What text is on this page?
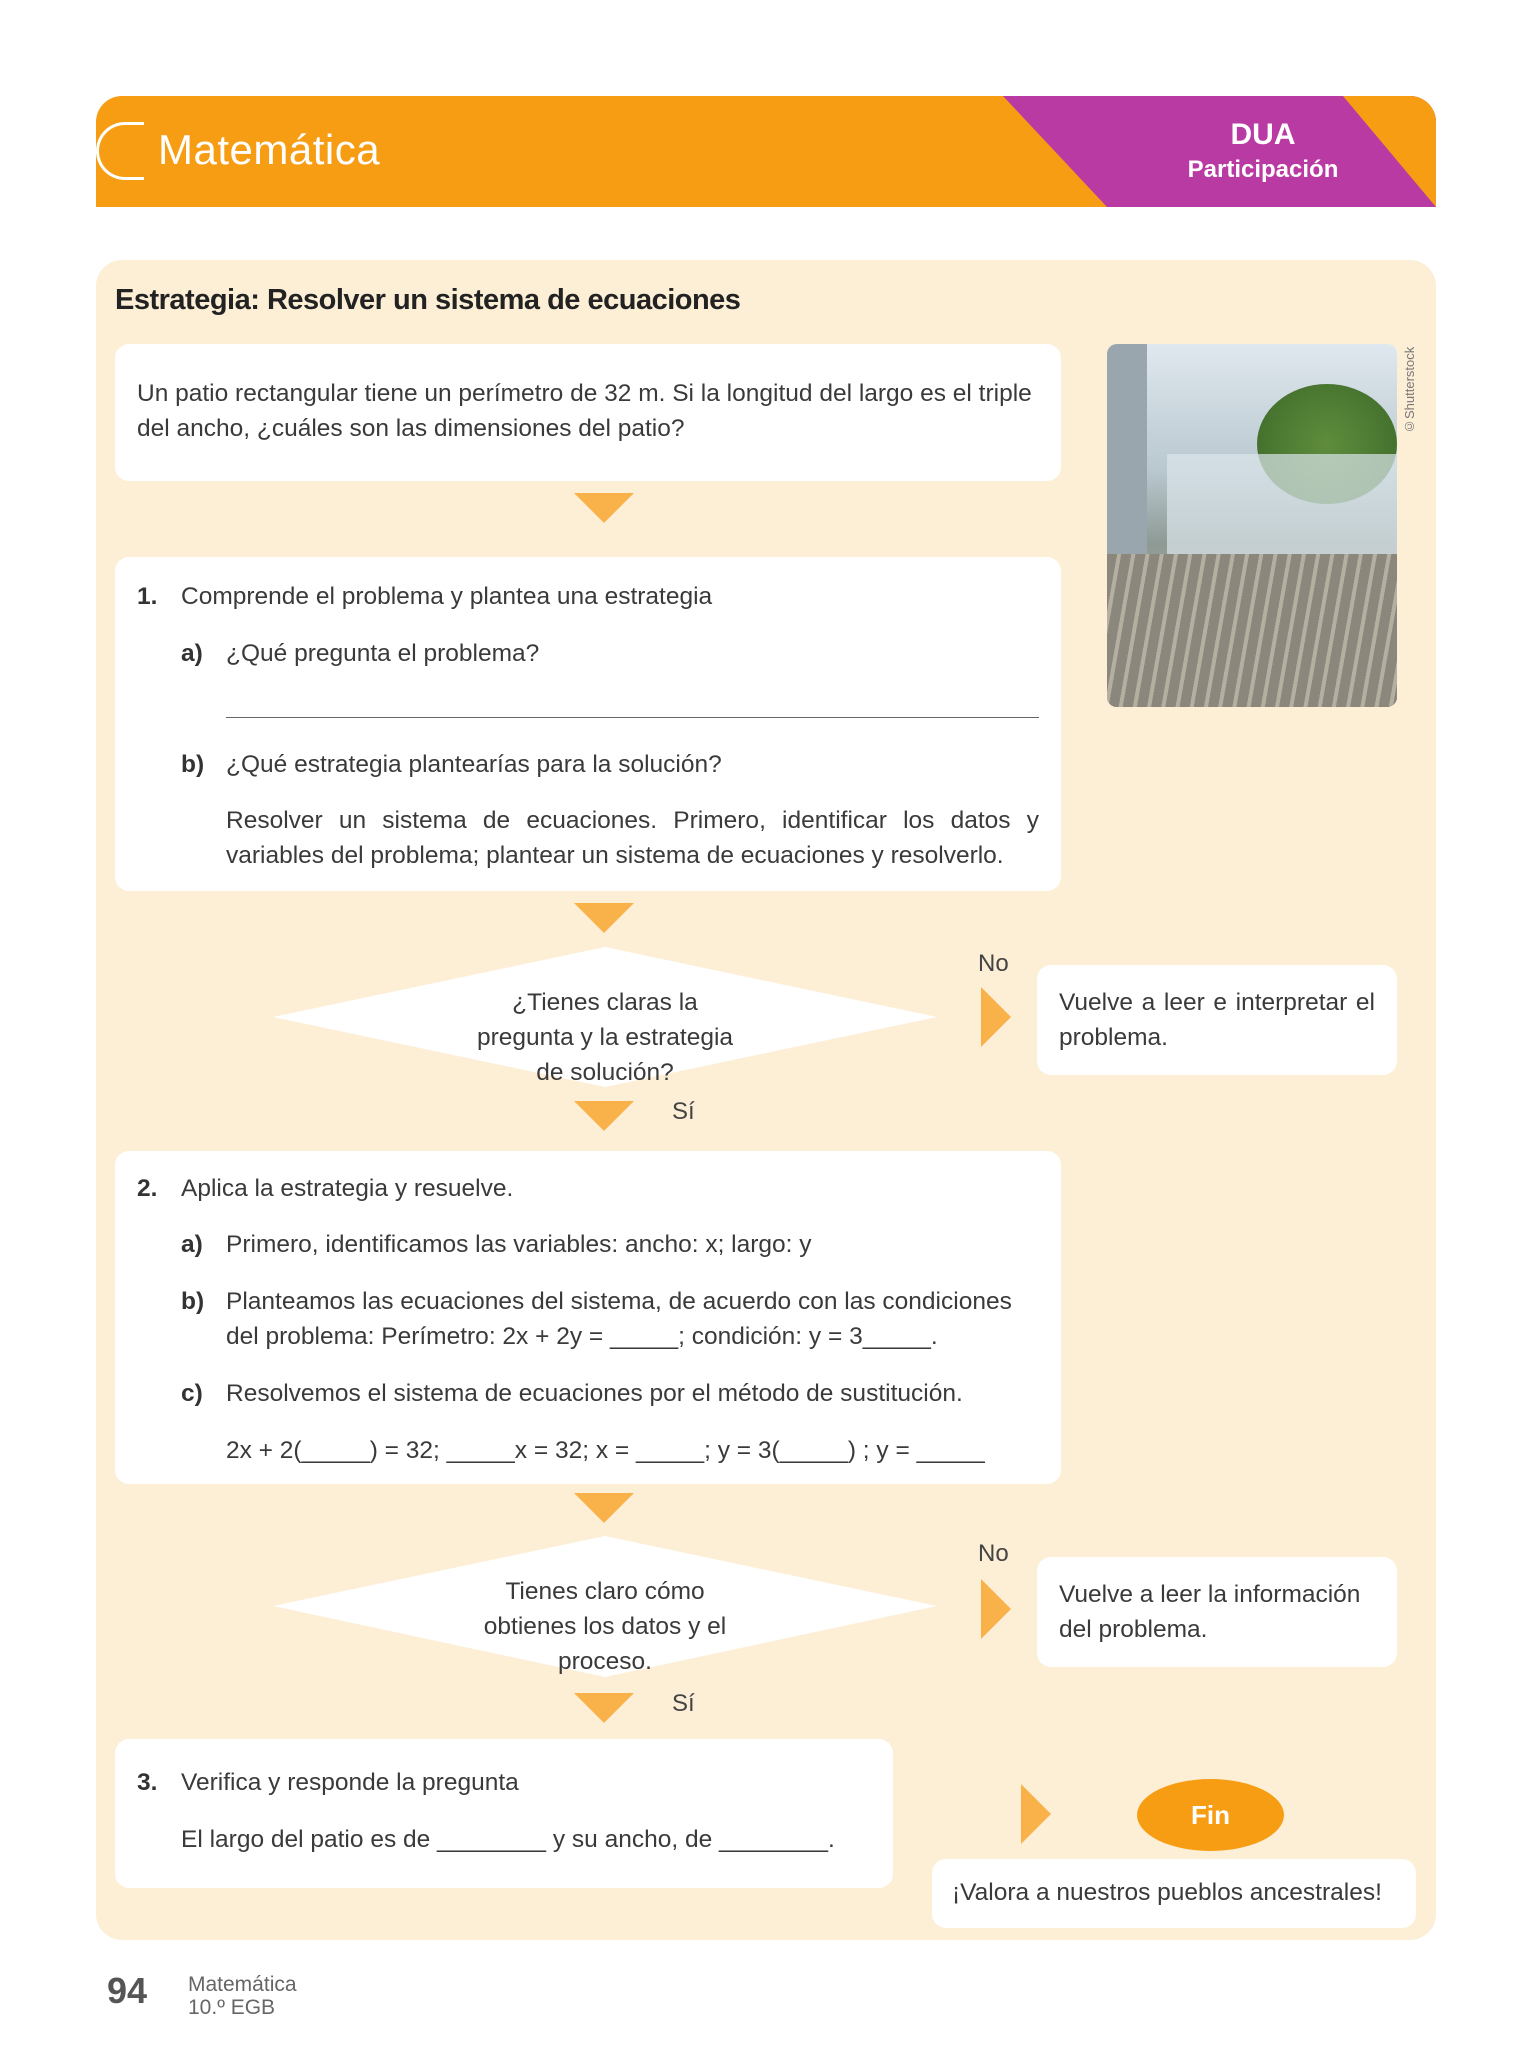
Matemática	DUA
Participación
Estrategia: Resolver un sistema de ecuaciones
Un patio rectangular tiene un perímetro de 32 m. Si la longitud del largo es el triple del ancho, ¿cuáles son las dimensiones del patio?	©Shutterstock
1. Comprende el problema y plantea una estrategia
a) ¿Qué pregunta el problema?
b) ¿Qué estrategia plantearías para la solución?
Resolver un sistema de ecuaciones. Primero, identificar los datos y variables del problema; plantear un sistema de ecuaciones y resolverlo.
¿Tienes claras la pregunta y la estrategia de solución?
No
Vuelve a leer e interpretar el problema.
Sí
2. Aplica la estrategia y resuelve.
a) Primero, identificamos las variables: ancho: x; largo: y
b) Planteamos las ecuaciones del sistema, de acuerdo con las condiciones
del problema: Perímetro: 2x + 2y = _____; condición: y = 3_____.
c) Resolvemos el sistema de ecuaciones por el método de sustitución.
2x + 2(_____) = 32; _____x = 32; x = _____; y = 3(_____) ; y = _____
Tienes claro cómo obtienes los datos y el proceso.
No
Vuelve a leer la información del problema.
Sí
3. Verifica y responde la pregunta
El largo del patio es de ________ y su ancho, de ________.
Fin
¡Valora a nuestros pueblos ancestrales!
94 Matemática
10.º EGB
